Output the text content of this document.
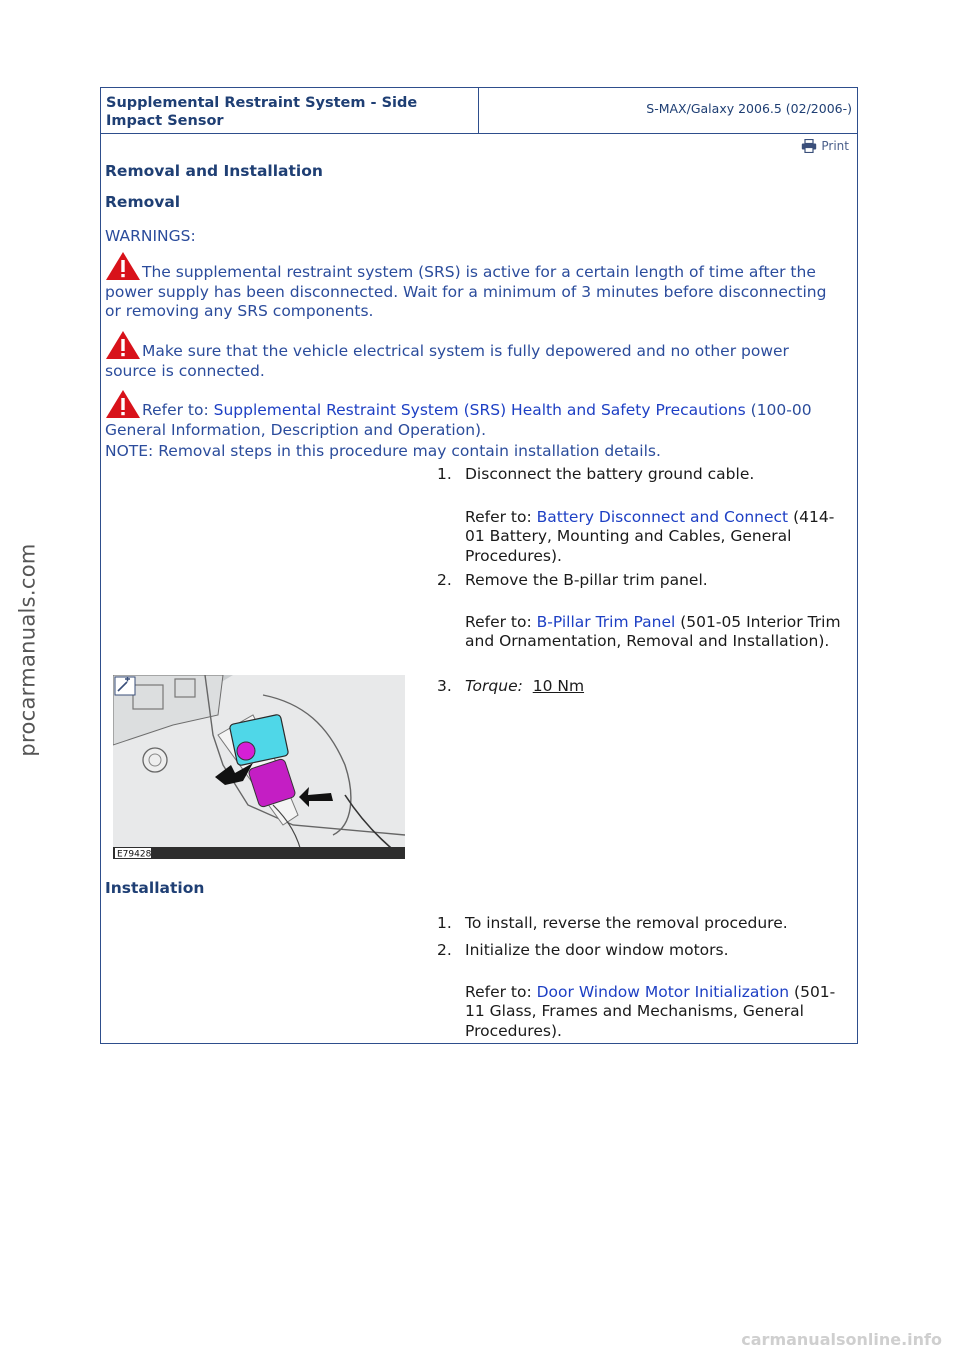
procarmanuals.com
carmanualsonline.info
Supplemental Restraint System - Side
Impact Sensor
S-MAX/Galaxy 2006.5 (02/2006-)
Print
Removal and Installation
Removal
WARNINGS:
The supplemental restraint system (SRS) is active for a certain length of time after the power supply has been disconnected. Wait for a minimum of 3 minutes before disconnecting or removing any SRS components.
Make sure that the vehicle electrical system is fully depowered and no other power source is connected.
Refer to: Supplemental Restraint System (SRS) Health and Safety Precautions (100-00 General Information, Description and Operation).
NOTE: Removal steps in this procedure may contain installation details.
1. Disconnect the battery ground cable.
Refer to: Battery Disconnect and Connect (414-01 Battery, Mounting and Cables, General Procedures).
2. Remove the B-pillar trim panel.
Refer to: B-Pillar Trim Panel (501-05 Interior Trim and Ornamentation, Removal and Installation).
3. Torque: 10 Nm
E79428
Installation
1. To install, reverse the removal procedure.
2. Initialize the door window motors.
Refer to: Door Window Motor Initialization (501-11 Glass, Frames and Mechanisms, General Procedures).
